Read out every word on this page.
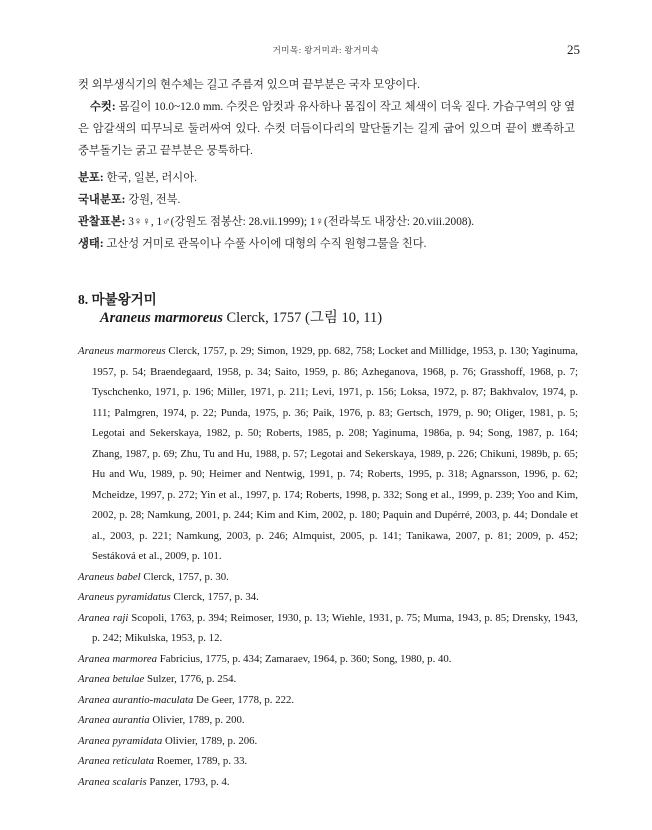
거미목: 왕거미과: 왕거미속	25
컷 외부생식기의 현수체는 길고 주름져 있으며 끝부분은 국자 모양이다.
수컷: 몸길이 10.0~12.0 mm. 수컷은 암컷과 유사하나 몸집이 작고 체색이 더욱 짙다. 가슴구역의 양 옆은 암갈색의 띠무늬로 둘러싸여 있다. 수컷 더듬이다리의 말단돌기는 길게 굽어 있으며 끝이 뾰족하고 중부돌기는 굵고 끝부분은 뭉툭하다.
분포: 한국, 일본, 러시아.
국내분포: 강원, 전북.
관찰표본: 3♀♀, 1♂(강원도 점봉산: 28.vii.1999); 1♀(전라북도 내장산: 20.viii.2008).
생태: 고산성 거미로 관목이나 수풀 사이에 대형의 수직 원형그물을 친다.
8. 마불왕거미
Araneus marmoreus Clerck, 1757 (그림 10, 11)
Araneus marmoreus Clerck, 1757, p. 29; Simon, 1929, pp. 682, 758; Locket and Millidge, 1953, p. 130; Yaginuma, 1957, p. 54; Braendegaard, 1958, p. 34; Saito, 1959, p. 86; Azheganova, 1968, p. 76; Grasshoff, 1968, p. 7; Tyschchenko, 1971, p. 196; Miller, 1971, p. 211; Levi, 1971, p. 156; Loksa, 1972, p. 87; Bakhvalov, 1974, p. 111; Palmgren, 1974, p. 22; Punda, 1975, p. 36; Paik, 1976, p. 83; Gertsch, 1979, p. 90; Oliger, 1981, p. 5; Legotai and Sekerskaya, 1982, p. 50; Roberts, 1985, p. 208; Yaginuma, 1986a, p. 94; Song, 1987, p. 164; Zhang, 1987, p. 69; Zhu, Tu and Hu, 1988, p. 57; Legotai and Sekerskaya, 1989, p. 226; Chikuni, 1989b, p. 65; Hu and Wu, 1989, p. 90; Heimer and Nentwig, 1991, p. 74; Roberts, 1995, p. 318; Agnarsson, 1996, p. 62; Mcheidze, 1997, p. 272; Yin et al., 1997, p. 174; Roberts, 1998, p. 332; Song et al., 1999, p. 239; Yoo and Kim, 2002, p. 28; Namkung, 2001, p. 244; Kim and Kim, 2002, p. 180; Paquin and Dupérré, 2003, p. 44; Dondale et al., 2003, p. 221; Namkung, 2003, p. 246; Almquist, 2005, p. 141; Tanikawa, 2007, p. 81; 2009, p. 452; Sestáková et al., 2009, p. 101.
Araneus babel Clerck, 1757, p. 30.
Araneus pyramidatus Clerck, 1757, p. 34.
Aranea raji Scopoli, 1763, p. 394; Reimoser, 1930, p. 13; Wiehle, 1931, p. 75; Muma, 1943, p. 85; Drensky, 1943, p. 242; Mikulska, 1953, p. 12.
Aranea marmorea Fabricius, 1775, p. 434; Zamaraev, 1964, p. 360; Song, 1980, p. 40.
Aranea betulae Sulzer, 1776, p. 254.
Aranea aurantio-maculata De Geer, 1778, p. 222.
Aranea aurantia Olivier, 1789, p. 200.
Aranea pyramidata Olivier, 1789, p. 206.
Aranea reticulata Roemer, 1789, p. 33.
Aranea scalaris Panzer, 1793, p. 4.
